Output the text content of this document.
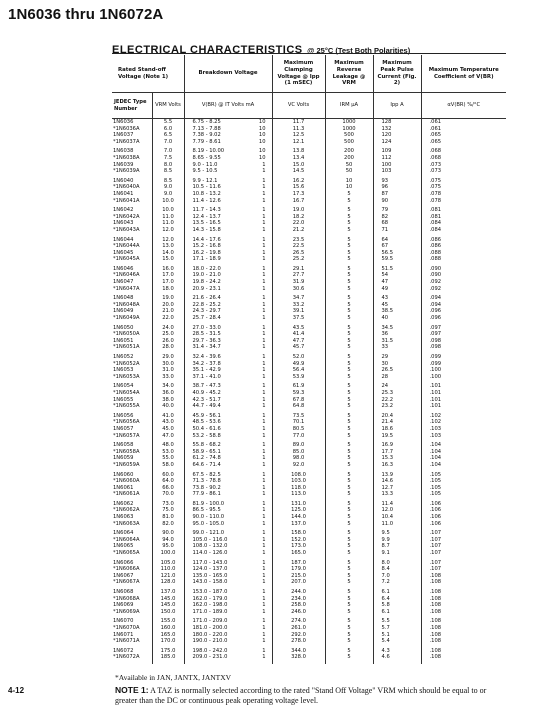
1N6036 thru 1N6072A
ELECTRICAL CHARACTERISTICS @ 25°C (Test Both Polarities)
Rated Stand-off Voltage (Note 1)		Breakdown Voltage	Maximum Clamping Voltage @ Ipp (1 mSEC)	Maximum Reverse Leakage @ VRM	Maximum Peak Pulse Current (Fig. 2)	Maximum Temperature Coefficient of V(BR)
JEDEC Type Number	VRM Volts	V(BR) @ IT Volts mA	VC Volts	IRM µA	Ipp A	αV(BR) %/°C
1N6036	5.5	6.75 - 8.25 10	11.7	1000	128	.061
*1N6036A	6.0	7.13 - 7.88 10	11.3	1000	132	.061
1N6037	6.5	7.38 - 9.02 10	12.5	500	120	.065
*1N6037A	7.0	7.79 - 8.61 10	12.1	500	124	.065
1N6038	7.0	8.19 - 10.00 10	13.8	200	109	.068
*1N6038A	7.5	8.65 - 9.55 10	13.4	200	112	.068
1N6039	8.0	9.0 - 11.0 1	15.0	50	100	.073
*1N6039A	8.5	9.5 - 10.5 1	14.5	50	103	.073
1N6040	8.5	9.9 - 12.1 1	16.2	10	93	.075
*1N6040A	9.0	10.5 - 11.6 1	15.6	10	96	.075
1N6041	9.0	10.8 - 13.2 1	17.3	5	87	.078
*1N6041A	10.0	11.4 - 12.6 1	16.7	5	90	.078
1N6042	10.0	11.7 - 14.3 1	19.0	5	79	.081
*1N6042A	11.0	12.4 - 13.7 1	18.2	5	82	.081
1N6043	11.0	13.5 - 16.5 1	22.0	5	68	.084
*1N6043A	12.0	14.3 - 15.8 1	21.2	5	71	.084
1N6044	12.0	14.4 - 17.6 1	23.5	5	64	.086
*1N6044A	13.0	15.2 - 16.8 1	22.5	5	67	.086
1N6045	14.0	16.2 - 19.8 1	26.5	5	56.5	.088
*1N6045A	15.0	17.1 - 18.9 1	25.2	5	59.5	.088
1N6046	16.0	18.0 - 22.0 1	29.1	5	51.5	.090
*1N6046A	17.0	19.0 - 21.0 1	27.7	5	54	.090
1N6047	17.0	19.8 - 24.2 1	31.9	5	47	.092
*1N6047A	18.0	20.9 - 23.1 1	30.6	5	49	.092
1N6048	19.0	21.6 - 26.4 1	34.7	5	43	.094
*1N6048A	20.0	22.8 - 25.2 1	33.2	5	45	.094
1N6049	21.0	24.3 - 29.7 1	39.1	5	38.5	.096
*1N6049A	22.0	25.7 - 28.4 1	37.5	5	40	.096
1N6050	24.0	27.0 - 33.0 1	43.5	5	34.5	.097
*1N6050A	25.0	28.5 - 31.5 1	41.4	5	36	.097
1N6051	26.0	29.7 - 36.3 1	47.7	5	31.5	.098
*1N6051A	28.0	31.4 - 34.7 1	45.7	5	33	.098
1N6052	29.0	32.4 - 39.6 1	52.0	5	29	.099
*1N6052A	30.0	34.2 - 37.8 1	49.9	5	30	.099
1N6053	31.0	35.1 - 42.9 1	56.4	5	26.5	.100
*1N6053A	33.0	37.1 - 41.0 1	53.9	5	28	.100
1N6054	34.0	38.7 - 47.3 1	61.9	5	24	.101
*1N6054A	36.0	40.9 - 45.2 1	59.3	5	25.3	.101
1N6055	38.0	42.3 - 51.7 1	67.8	5	22.2	.101
*1N6055A	40.0	44.7 - 49.4 1	64.8	5	23.2	.101
1N6056	41.0	45.9 - 56.1 1	73.5	5	20.4	.102
*1N6056A	43.0	48.5 - 53.6 1	70.1	5	21.4	.102
1N6057	45.0	50.4 - 61.6 1	80.5	5	18.6	.103
*1N6057A	47.0	53.2 - 58.8 1	77.0	5	19.5	.103
1N6058	48.0	55.8 - 68.2 1	89.0	5	16.9	.104
*1N6058A	53.0	58.9 - 65.1 1	85.0	5	17.7	.104
1N6059	55.0	61.2 - 74.8 1	98.0	5	15.3	.104
*1N6059A	58.0	64.6 - 71.4 1	92.0	5	16.3	.104
1N6060	60.0	67.5 - 82.5 1	108.0	5	13.9	.105
*1N6060A	64.0	71.3 - 78.8 1	103.0	5	14.6	.105
1N6061	66.0	73.8 - 90.2 1	118.0	5	12.7	.105
*1N6061A	70.0	77.9 - 86.1 1	113.0	5	13.3	.105
1N6062	73.0	81.9 - 100.0 1	131.0	5	11.4	.106
*1N6062A	75.0	86.5 - 95.5 1	125.0	5	12.0	.106
1N6063	81.0	90.0 - 110.0 1	144.0	5	10.4	.106
*1N6063A	82.0	95.0 - 105.0 1	137.0	5	11.0	.106
1N6064	90.0	99.0 - 121.0 1	158.0	5	9.5	.107
*1N6064A	94.0	105.0 - 116.0 1	152.0	5	9.9	.107
1N6065	95.0	108.0 - 132.0 1	173.0	5	8.7	.107
*1N6065A	100.0	114.0 - 126.0 1	165.0	5	9.1	.107
1N6066	105.0	117.0 - 143.0 1	187.0	5	8.0	.107
*1N6066A	110.0	124.0 - 137.0 1	179.0	5	8.4	.107
1N6067	121.0	135.0 - 165.0 1	215.0	5	7.0	.108
*1N6067A	128.0	143.0 - 158.0 1	207.0	5	7.2	.108
1N6068	137.0	153.0 - 187.0 1	244.0	5	6.1	.108
*1N6068A	145.0	162.0 - 179.0 1	234.0	5	6.4	.108
1N6069	145.0	162.0 - 198.0 1	258.0	5	5.8	.108
*1N6069A	150.0	171.0 - 189.0 1	246.0	5	6.1	.108
1N6070	155.0	171.0 - 209.0 1	274.0	5	5.5	.108
*1N6070A	160.0	181.0 - 200.0 1	261.0	5	5.7	.108
1N6071	165.0	180.0 - 220.0 1	292.0	5	5.1	.108
*1N6071A	170.0	190.0 - 210.0 1	278.0	5	5.4	.108
1N6072	175.0	198.0 - 242.0 1	344.0	5	4.3	.108
*1N6072A	185.0	209.0 - 231.0 1	328.0	5	4.6	.108
*Available in JAN, JANTX, JANTXV
4-12	NOTE 1: A TAZ is normally selected according to the rated "Stand Off Voltage" VRM which should be equal to or greater than the DC or continuous peak operating voltage level.
